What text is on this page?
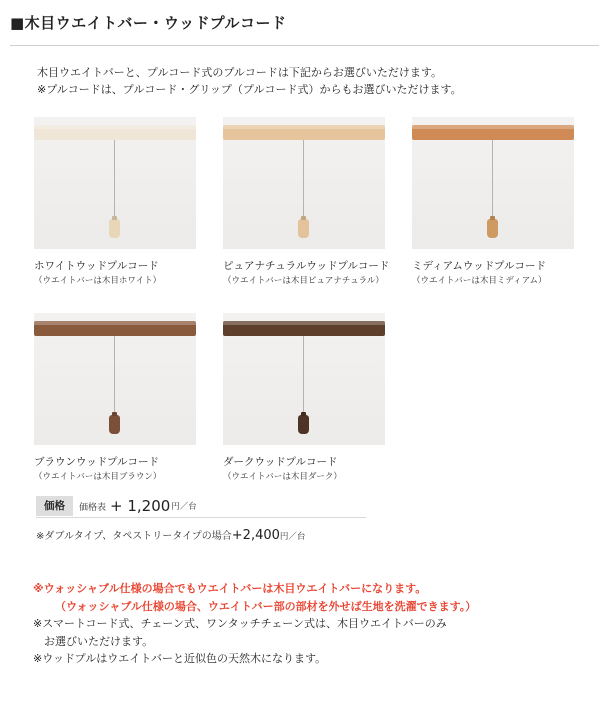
■木目ウエイトバー・ウッドプルコード
木目ウエイトバーと、プルコード式のプルコードは下記からお選びいただけます。
※プルコードは、プルコード・グリップ（プルコード式）からもお選びいただけます。
ホワイトウッドプルコード
（ウエイトバーは木目ホワイト）
ピュアナチュラルウッドプルコード
（ウエイトバーは木目ピュアナチュラル）
ミディアムウッドプルコード
（ウエイトバーは木目ミディアム）
ブラウンウッドプルコード
（ウエイトバーは木目ブラウン）
ダークウッドプルコード
（ウエイトバーは木目ダーク）
価格	価格表 + 1,200 円／台
※ダブルタイプ、タペストリータイプの場合+2,400円／台
※ウォッシャブル仕様の場合でもウエイトバーは木目ウエイトバーになります。
（ウォッシャブル仕様の場合、ウエイトバー部の部材を外せば生地を洗濯できます。）
※スマートコード式、チェーン式、ワンタッチチェーン式は、木目ウエイトバーのみ
お選びいただけます。
※ウッドプルはウエイトバーと近似色の天然木になります。
